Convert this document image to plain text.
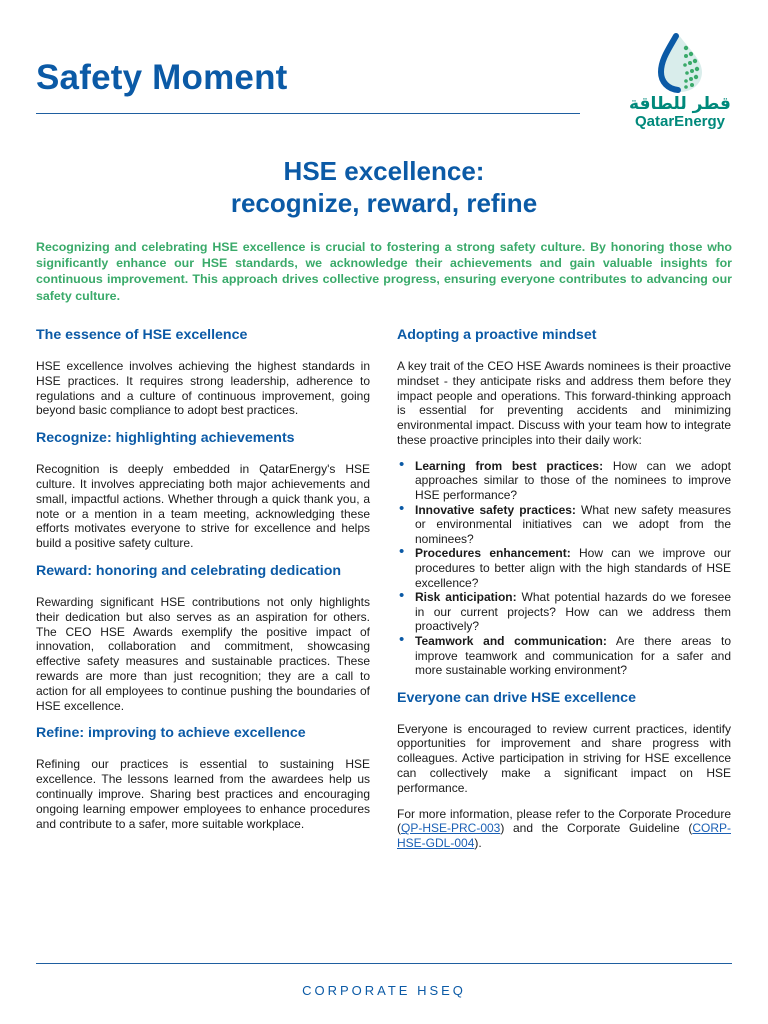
Safety Moment
قطر للطاقة
QatarEnergy
HSE excellence:
recognize, reward, refine
Recognizing and celebrating HSE excellence is crucial to fostering a strong safety culture. By honoring those who significantly enhance our HSE standards, we acknowledge their achievements and gain valuable insights for continuous improvement. This approach drives collective progress, ensuring everyone contributes to advancing our safety culture.
The essence of HSE excellence

HSE excellence involves achieving the highest standards in HSE practices. It requires strong leadership, adherence to regulations and a culture of continuous improvement, going beyond basic compliance to adopt best practices.

Recognize: highlighting achievements

Recognition is deeply embedded in QatarEnergy's HSE culture. It involves appreciating both major achievements and small, impactful actions. Whether through a quick thank you, a note or a mention in a team meeting, acknowledging these efforts motivates everyone to strive for excellence and helps build a positive safety culture.

Reward: honoring and celebrating dedication

Rewarding significant HSE contributions not only highlights their dedication but also serves as an aspiration for others. The CEO HSE Awards exemplify the positive impact of innovation, collaboration and commitment, showcasing effective safety measures and sustainable practices. These rewards are more than just recognition; they are a call to action for all employees to continue pushing the boundaries of HSE excellence.

Refine: improving to achieve excellence

Refining our practices is essential to sustaining HSE excellence. The lessons learned from the awardees help us continually improve. Sharing best practices and encouraging ongoing learning empower employees to enhance procedures and contribute to a safer, more suitable workplace.

Adopting a proactive mindset

A key trait of the CEO HSE Awards nominees is their proactive mindset - they anticipate risks and address them before they impact people and operations. This forward-thinking approach is essential for preventing accidents and minimizing environmental impact. Discuss with your team how to integrate these proactive principles into their daily work:

• Learning from best practices: How can we adopt approaches similar to those of the nominees to improve HSE performance?
• Innovative safety practices: What new safety measures or environmental initiatives can we adopt from the nominees?
• Procedures enhancement: How can we improve our procedures to better align with the high standards of HSE excellence?
• Risk anticipation: What potential hazards do we foresee in our current projects? How can we address them proactively?
• Teamwork and communication: Are there areas to improve teamwork and communication for a safer and more sustainable working environment?
Everyone can drive HSE excellence

Everyone is encouraged to review current practices, identify opportunities for improvement and share progress with colleagues. Active participation in striving for HSE excellence can collectively make a significant impact on HSE performance.

For more information, please refer to the Corporate Procedure (QP-HSE-PRC-003) and the Corporate Guideline (CORP-HSE-GDL-004).

CORPORATE HSEQ
